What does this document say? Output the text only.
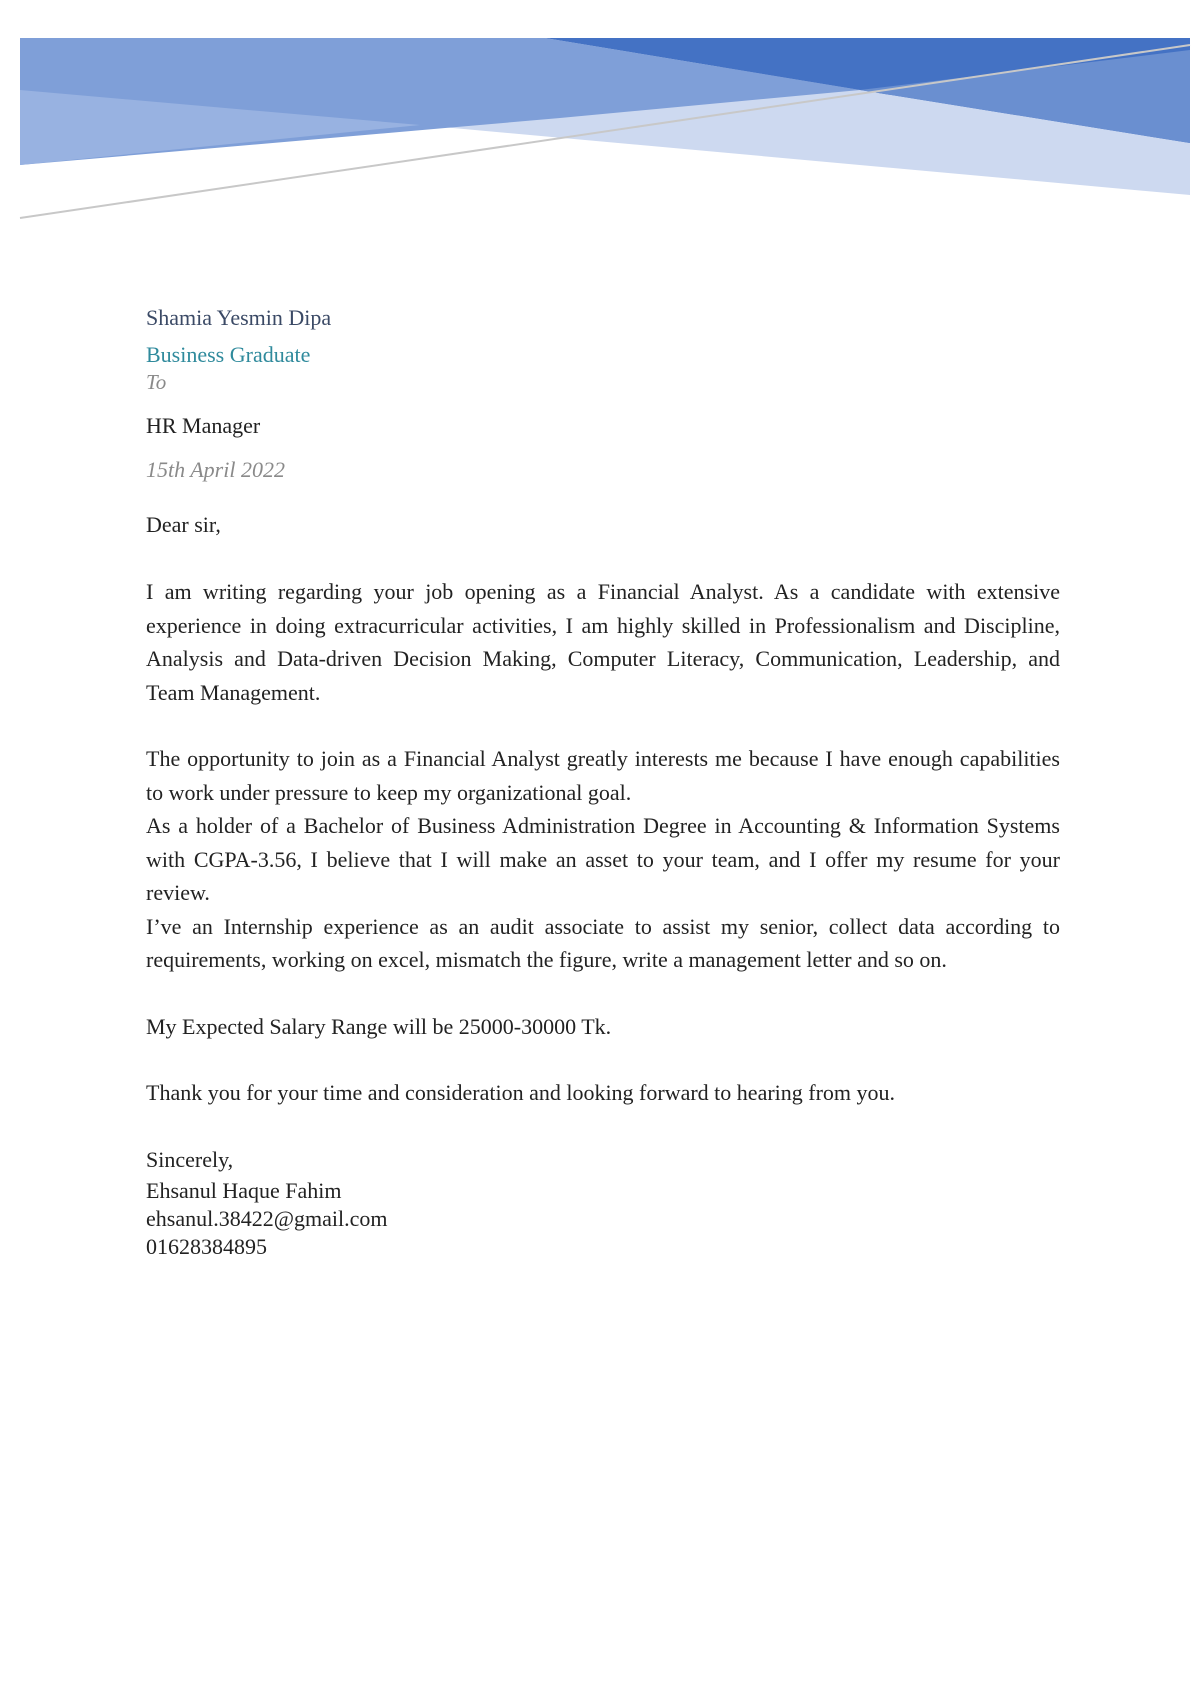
Shamia Yesmin Dipa

Business Graduate

To

HR Manager

15th April 2022

Dear sir,

I am writing regarding your job opening as a Financial Analyst. As a candidate with extensive experience in doing extracurricular activities, I am highly skilled in Professionalism and Discipline, Analysis and Data-driven Decision Making, Computer Literacy, Communication, Leadership, and Team Management.

The opportunity to join as a Financial Analyst greatly interests me because I have enough capabilities to work under pressure to keep my organizational goal.

As a holder of a Bachelor of Business Administration Degree in Accounting & Information Systems with CGPA-3.56, I believe that I will make an asset to your team, and I offer my resume for your review.

I’ve an Internship experience as an audit associate to assist my senior, collect data according to requirements, working on excel, mismatch the figure, write a management letter and so on.

My Expected Salary Range will be 25000-30000 Tk.

Thank you for your time and consideration and looking forward to hearing from you.

Sincerely,
Ehsanul Haque Fahim
ehsanul.38422@gmail.com
01628384895
